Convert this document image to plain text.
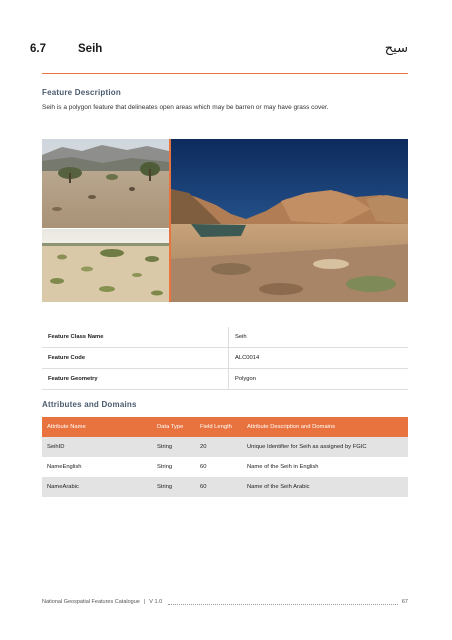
6.7	Seih	سيح
Feature Description
Seih is a polygon feature that delineates open areas which may be barren or may have grass cover.
Feature Class Name	Seih
Feature Code	ALC0014
Feature Geometry	Polygon
Attributes and Domains
Attribute Name	Data Type	Field Length	Attribute Description and Domains
SeihID	String	20	Unique Identifier for Seih as assigned by FGIC
NameEnglish	String	60	Name of the Seih in English
NameArabic	String	60	Name of the Seih Arabic
National Geospatial Features Catalogue | V 1.0	67
